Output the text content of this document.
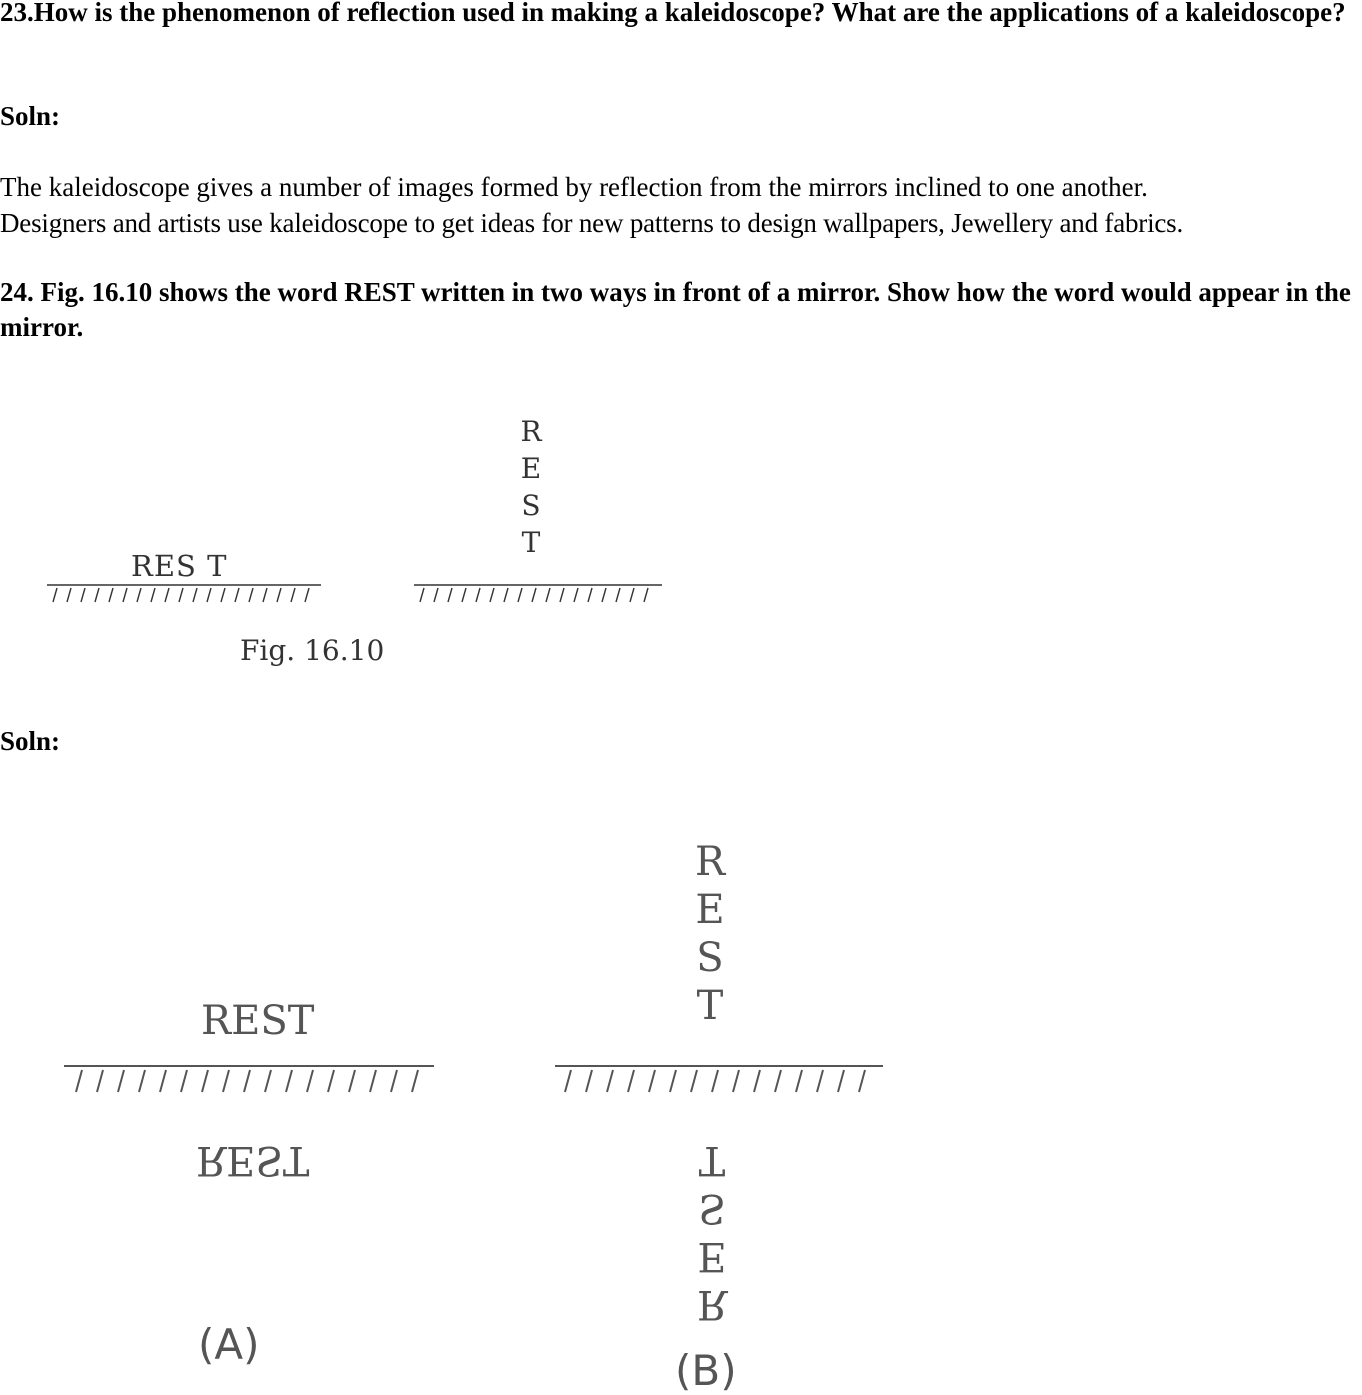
23.How is the phenomenon of reflection used in making a kaleidoscope? What are the applications of a kaleidoscope?
Soln:
The kaleidoscope gives a number of images formed by reflection from the mirrors inclined to one another.
Designers and artists use kaleidoscope to get ideas for new patterns to design wallpapers, Jewellery and fabrics.
24. Fig. 16.10 shows the word REST written in two ways in front of a mirror. Show how the word would appear in the mirror.
RES T
R
E
S
T
Fig. 16.10
Soln:
REST
REST
(A)
R
E
S
T
T
S
E
R
(B)
